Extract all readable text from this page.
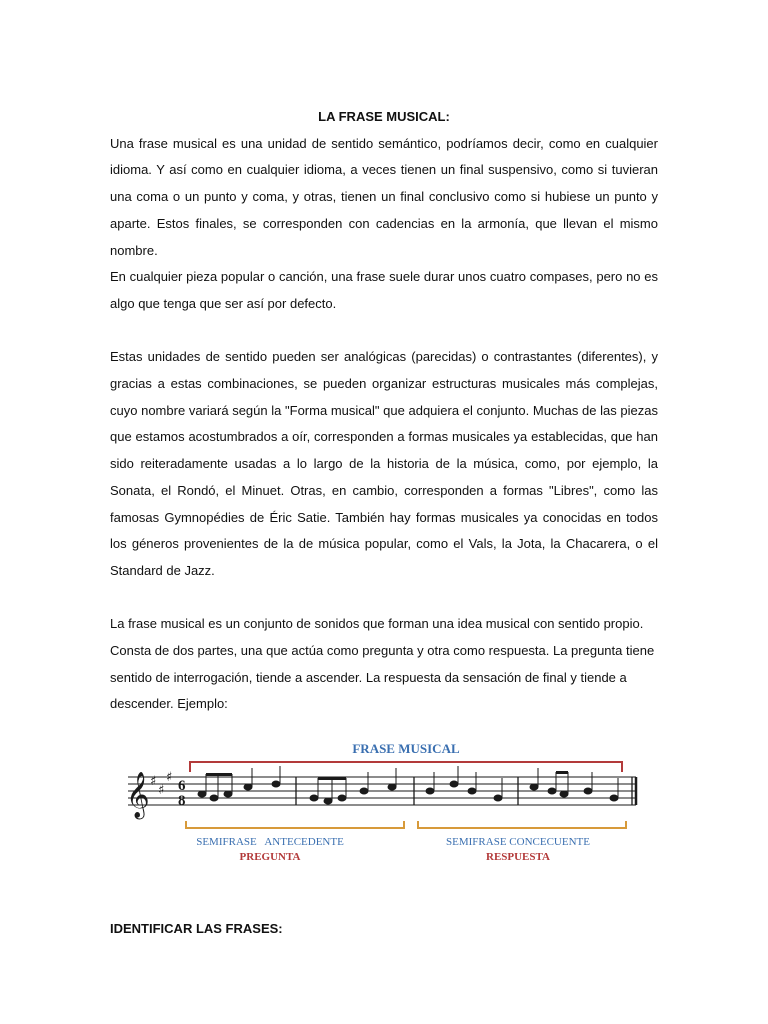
LA FRASE MUSICAL:

Una frase musical es una unidad de sentido semántico, podríamos decir, como en cualquier idioma. Y así como en cualquier idioma, a veces tienen un final suspensivo, como si tuvieran una coma o un punto y coma, y otras, tienen un final conclusivo como si hubiese un punto y aparte. Estos finales, se corresponden con cadencias en la armonía, que llevan el mismo nombre.

En cualquier pieza popular o canción, una frase suele durar unos cuatro compases, pero no es algo que tenga que ser así por defecto.

Estas unidades de sentido pueden ser analógicas (parecidas) o contrastantes (diferentes), y gracias a estas combinaciones, se pueden organizar estructuras musicales más complejas, cuyo nombre variará según la "Forma musical" que adquiera el conjunto. Muchas de las piezas que estamos acostumbrados a oír, corresponden a formas musicales ya establecidas, que han sido reiteradamente usadas a lo largo de la historia de la música, como, por ejemplo, la Sonata, el Rondó, el Minuet. Otras, en cambio, corresponden a formas "Libres", como las famosas Gymnopédies de Éric Satie. También hay formas musicales ya conocidas en todos los géneros provenientes de la de música popular, como el Vals, la Jota, la Chacarera, o el Standard de Jazz.

La frase musical es un conjunto de sonidos que forman una idea musical con sentido propio. Consta de dos partes, una que actúa como pregunta y otra como respuesta. La pregunta tiene sentido de interrogación, tiende a ascender. La respuesta da sensación de final y tiende a descender. Ejemplo:

FRASE MUSICAL
𝄞 ♯
♯
♯
6
8
SEMIFRASE   ANTECEDENTE
PREGUNTA
SEMIFRASE CONCECUENTE
RESPUESTA
IDENTIFICAR LAS FRASES:
